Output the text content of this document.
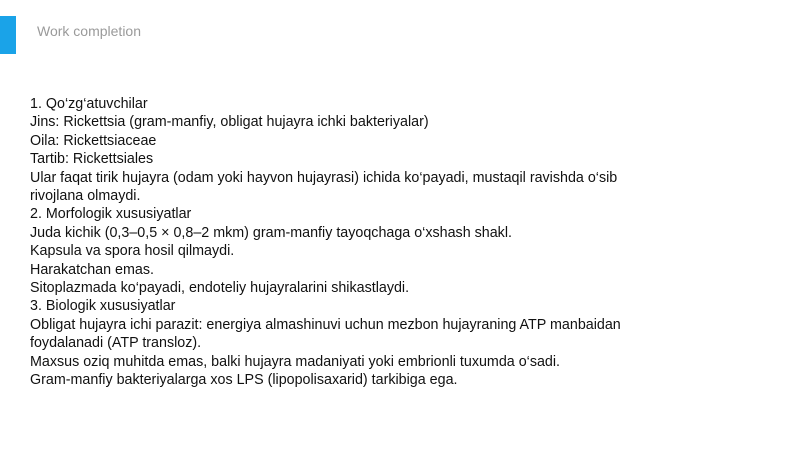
Work completion
1. Qo‘zg‘atuvchilar
Jins: Rickettsia (gram-manfiy, obligat hujayra ichki bakteriyalar)
Oila: Rickettsiaceae
Tartib: Rickettsiales
Ular faqat tirik hujayra (odam yoki hayvon hujayrasi) ichida ko‘payadi, mustaqil ravishda o‘sib
rivojlana olmaydi.
2. Morfologik xususiyatlar
Juda kichik (0,3–0,5 × 0,8–2 mkm) gram-manfiy tayoqchaga o‘xshash shakl.
Kapsula va spora hosil qilmaydi.
Harakatchan emas.
Sitoplazmada ko‘payadi, endoteliy hujayralarini shikastlaydi.
3. Biologik xususiyatlar
Obligat hujayra ichi parazit: energiya almashinuvi uchun mezbon hujayraning ATP manbaidan
foydalanadi (ATP transloz).
Maxsus oziq muhitda emas, balki hujayra madaniyati yoki embrionli tuxumda o‘sadi.
Gram-manfiy bakteriyalarga xos LPS (lipopolisaxarid) tarkibiga ega.
